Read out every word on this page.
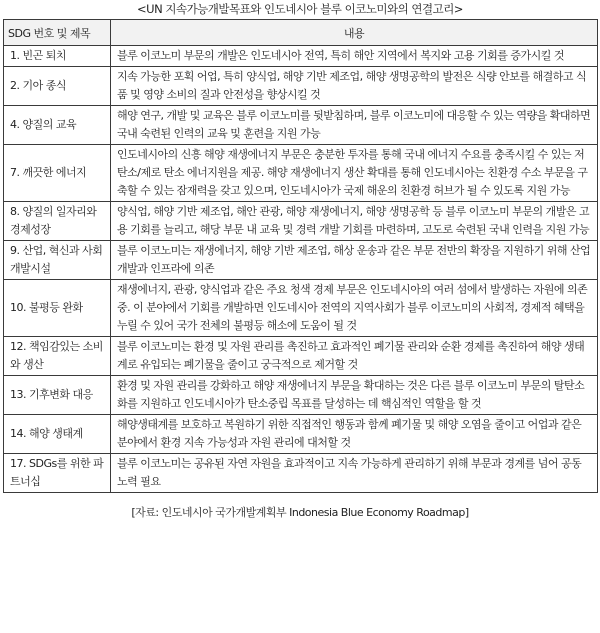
<UN 지속가능개발목표와 인도네시아 블루 이코노미와의 연결고리>
SDG 번호 및 제목	내용
1. 빈곤 퇴치	블루 이코노미 부문의 개발은 인도네시아 전역, 특히 해안 지역에서 복지와 고용 기회를 증가시킬 것
2. 기아 종식	지속 가능한 포획 어업, 특히 양식업, 해양 기반 제조업, 해양 생명공학의 발전은 식량 안보를 해결하고 식품 및 영양 소비의 질과 안전성을 향상시킬 것
4. 양질의 교육	해양 연구, 개발 및 교육은 블루 이코노미를 뒷받침하며, 블루 이코노미에 대응할 수 있는 역량을 확대하면 국내 숙련된 인력의 교육 및 훈련을 지원 가능
7. 깨끗한 에너지	인도네시아의 신흥 해양 재생에너지 부문은 충분한 투자를 통해 국내 에너지 수요를 충족시킬 수 있는 저탄소/제로 탄소 에너지원을 제공. 해양 재생에너지 생산 확대를 통해 인도네시아는 친환경 수소 부문을 구축할 수 있는 잠재력을 갖고 있으며, 인도네시아가 국제 해운의 친환경 허브가 될 수 있도록 지원 가능
8. 양질의 일자리와 경제성장	양식업, 해양 기반 제조업, 해안 관광, 해양 재생에너지, 해양 생명공학 등 블루 이코노미 부문의 개발은 고용 기회를 늘리고, 해당 부문 내 교육 및 경력 개발 기회를 마련하며, 고도로 숙련된 국내 인력을 지원 가능
9. 산업, 혁신과 사회 개발시설	블루 이코노미는 재생에너지, 해양 기반 제조업, 해상 운송과 같은 부문 전반의 확장을 지원하기 위해 산업 개발과 인프라에 의존
10. 불평등 완화	재생에너지, 관광, 양식업과 같은 주요 청색 경제 부문은 인도네시아의 여러 섬에서 발생하는 자원에 의존 중. 이 분야에서 기회를 개발하면 인도네시아 전역의 지역사회가 블루 이코노미의 사회적, 경제적 혜택을 누릴 수 있어 국가 전체의 불평등 해소에 도움이 될 것
12. 책임감있는 소비와 생산	블루 이코노미는 환경 및 자원 관리를 촉진하고 효과적인 폐기물 관리와 순환 경제를 촉진하여 해양 생태계로 유입되는 폐기물을 줄이고 궁극적으로 제거할 것
13. 기후변화 대응	환경 및 자원 관리를 강화하고 해양 재생에너지 부문을 확대하는 것은 다른 블루 이코노미 부문의 탈탄소화를 지원하고 인도네시아가 탄소중립 목표를 달성하는 데 핵심적인 역할을 할 것
14. 해양 생태계	해양생태계를 보호하고 복원하기 위한 직접적인 행동과 함께 폐기물 및 해양 오염을 줄이고 어업과 같은 분야에서 환경 지속 가능성과 자원 관리에 대처할 것
17. SDGs를 위한 파트너십	블루 이코노미는 공유된 자연 자원을 효과적이고 지속 가능하게 관리하기 위해 부문과 경계를 넘어 공동 노력 필요
[자료: 인도네시아 국가개발계획부 Indonesia Blue Economy Roadmap]
